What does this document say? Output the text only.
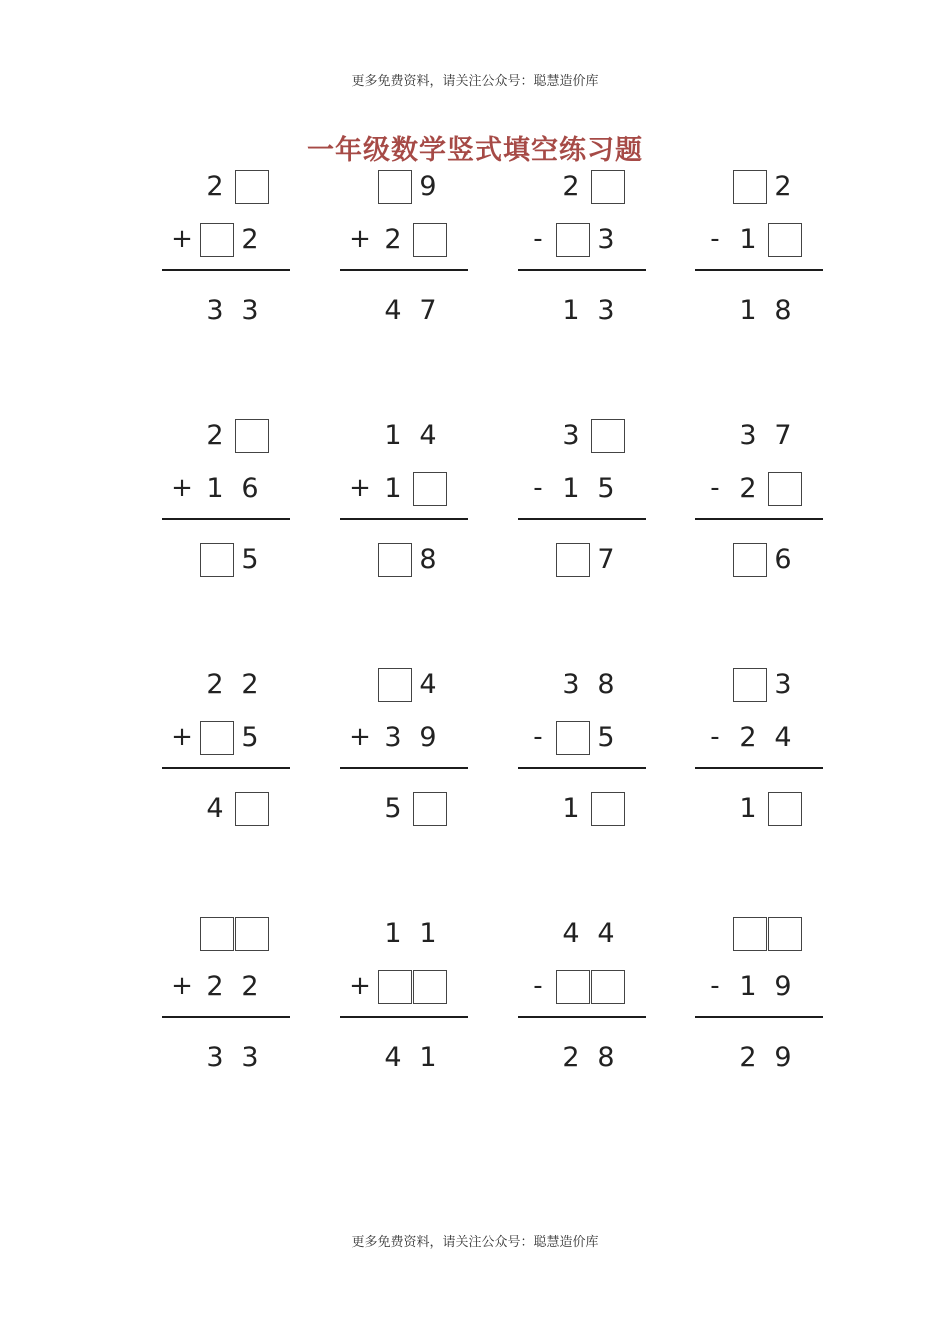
更多免费资料，请关注公众号：聪慧造价库
一年级数学竖式填空练习题
2
2
3 3
+
9
2
4 7
+
2
3
1 3
-
2
1
1 8
-
2
1 6
5
+
1 4
1
8
+
3
1 5
7
-
3 7
2
6
-
2 2
5
4
+
4
3 9
5
+
3 8
5
1
-
3
2 4
1
-
2 2
3 3
+
1 1
4 1
+
4 4
2 8
-	1 9
2 9
-
更多免费资料，请关注公众号：聪慧造价库
